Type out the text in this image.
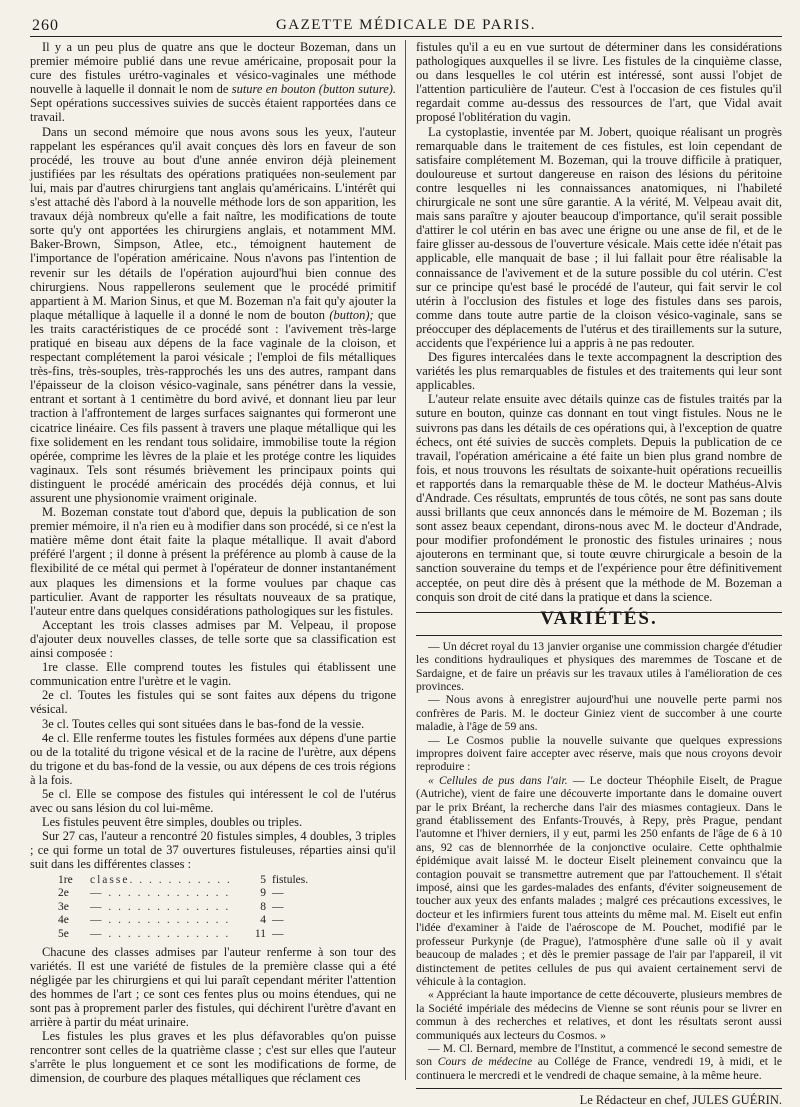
260	GAZETTE MÉDICALE DE PARIS.

Il y a un peu plus de quatre ans que le docteur Bozeman, dans un premier mémoire publié dans une revue américaine, proposait pour la cure des fistules urétro-vaginales et vésico-vaginales une méthode nouvelle à laquelle il donnait le nom de suture en bouton (button suture). Sept opérations successives suivies de succès étaient rapportées dans ce travail.

Dans un second mémoire que nous avons sous les yeux, l'auteur rappelant les espérances qu'il avait conçues dès lors en faveur de son procédé, les trouve au bout d'une année environ déjà pleinement justifiées par les résultats des opérations pratiquées non-seulement par lui, mais par d'autres chirurgiens tant anglais qu'américains. L'intérêt qui s'est attaché dès l'abord à la nouvelle méthode lors de son apparition, les travaux déjà nombreux qu'elle a fait naître, les modifications de toute sorte qu'y ont apportées les chirurgiens anglais, et notamment MM. Baker-Brown, Simpson, Atlee, etc., témoignent hautement de l'importance de l'opération américaine. Nous n'avons pas l'intention de revenir sur les détails de l'opération aujourd'hui bien connue des chirurgiens. Nous rappellerons seulement que le procédé primitif appartient à M. Marion Sinus, et que M. Bozeman n'a fait qu'y ajouter la plaque métallique à laquelle il a donné le nom de bouton (button); que les traits caractéristiques de ce procédé sont : l'avivement très-large pratiqué en biseau aux dépens de la face vaginale de la cloison, et respectant complétement la paroi vésicale ; l'emploi de fils métalliques très-fins, très-souples, très-rapprochés les uns des autres, rampant dans l'épaisseur de la cloison vésico-vaginale, sans pénétrer dans la vessie, entrant et sortant à 1 centimètre du bord avivé, et donnant lieu par leur traction à l'affrontement de larges surfaces saignantes qui formeront une cicatrice linéaire. Ces fils passent à travers une plaque métallique qui les fixe solidement en les rendant tous solidaire, immobilise toute la région opérée, comprime les lèvres de la plaie et les protége contre les liquides vaginaux. Tels sont résumés brièvement les principaux points qui distinguent le procédé américain des procédés déjà connus, et lui assurent une physionomie vraiment originale.

M. Bozeman constate tout d'abord que, depuis la publication de son premier mémoire, il n'a rien eu à modifier dans son procédé, si ce n'est la matière même dont était faite la plaque métallique. Il avait d'abord préféré l'argent ; il donne à présent la préférence au plomb à cause de la flexibilité de ce métal qui permet à l'opérateur de donner instantanément aux plaques les dimensions et la forme voulues par chaque cas particulier. Avant de rapporter les résultats nouveaux de sa pratique, l'auteur entre dans quelques considérations pathologiques sur les fistules.

Acceptant les trois classes admises par M. Velpeau, il propose d'ajouter deux nouvelles classes, de telle sorte que sa classification est ainsi composée :

1re classe. Elle comprend toutes les fistules qui établissent une communication entre l'urètre et le vagin.

2e cl. Toutes les fistules qui se sont faites aux dépens du trigone vésical.

3e cl. Toutes celles qui sont situées dans le bas-fond de la vessie.

4e cl. Elle renferme toutes les fistules formées aux dépens d'une partie ou de la totalité du trigone vésical et de la racine de l'urètre, aux dépens du trigone et du bas-fond de la vessie, ou aux dépens de ces trois régions à la fois.

5e cl. Elle se compose des fistules qui intéressent le col de l'utérus avec ou sans lésion du col lui-même.

Les fistules peuvent être simples, doubles ou triples.

Sur 27 cas, l'auteur a rencontré 20 fistules simples, 4 doubles, 3 triples ; ce qui forme un total de 37 ouvertures fistuleuses, réparties ainsi qu'il suit dans les différentes classes :

1re	classe. . . . . . . . . . .	5 fistules.
2e	— . . . . . . . . . . . . .	9 —
3e	— . . . . . . . . . . . . .	8 —
4e	— . . . . . . . . . . . . .	4 —
5e	— . . . . . . . . . . . . .	11 —

Chacune des classes admises par l'auteur renferme à son tour des variétés. Il est une variété de fistules de la première classe qui a été négligée par les chirurgiens et qui lui paraît cependant mériter l'attention des hommes de l'art ; ce sont ces fentes plus ou moins étendues, qui ne sont pas à proprement parler des fistules, qui déchirent l'urètre d'avant en arrière à partir du méat urinaire.

Les fistules les plus graves et les plus défavorables qu'on puisse rencontrer sont celles de la quatrième classe ; c'est sur elles que l'auteur s'arrête le plus longuement et ce sont les modifications de forme, de dimension, de courbure des plaques métalliques que réclament ces

fistules qu'il a eu en vue surtout de déterminer dans les considérations pathologiques auxquelles il se livre. Les fistules de la cinquième classe, ou dans lesquelles le col utérin est intéressé, sont aussi l'objet de l'attention particulière de l'auteur. C'est à l'occasion de ces fistules qu'il regardait comme au-dessus des ressources de l'art, que Vidal avait proposé l'oblitération du vagin.

La cystoplastie, inventée par M. Jobert, quoique réalisant un progrès remarquable dans le traitement de ces fistules, est loin cependant de satisfaire complétement M. Bozeman, qui la trouve difficile à pratiquer, douloureuse et surtout dangereuse en raison des lésions du péritoine contre lesquelles ni les connaissances anatomiques, ni l'habileté chirurgicale ne sont une sûre garantie. A la vérité, M. Velpeau avait dit, mais sans paraître y ajouter beaucoup d'importance, qu'il serait possible d'attirer le col utérin en bas avec une érigne ou une anse de fil, et de le faire glisser au-dessous de l'ouverture vésicale. Mais cette idée n'était pas applicable, elle manquait de base ; il lui fallait pour être réalisable la connaissance de l'avivement et de la suture possible du col utérin. C'est sur ce principe qu'est basé le procédé de l'auteur, qui fait servir le col utérin à l'occlusion des fistules et loge des fistules dans ses parois, comme dans toute autre partie de la cloison vésico-vaginale, sans se préoccuper des déplacements de l'utérus et des tiraillements sur la suture, accidents que l'expérience lui a appris à ne pas redouter.

Des figures intercalées dans le texte accompagnent la description des variétés les plus remarquables de fistules et des traitements qui leur sont applicables.

L'auteur relate ensuite avec détails quinze cas de fistules traités par la suture en bouton, quinze cas donnant en tout vingt fistules. Nous ne le suivrons pas dans les détails de ces opérations qui, à l'exception de quatre échecs, ont été suivies de succès complets. Depuis la publication de ce travail, l'opération américaine a été faite un bien plus grand nombre de fois, et nous trouvons les résultats de soixante-huit opérations recueillis et rapportés dans la remarquable thèse de M. le docteur Mathéus-Alvis d'Andrade. Ces résultats, empruntés de tous côtés, ne sont pas sans doute aussi brillants que ceux annoncés dans le mémoire de M. Bozeman ; ils sont assez beaux cependant, dirons-nous avec M. le docteur d'Andrade, pour modifier profondément le pronostic des fistules urinaires ; nous ajouterons en terminant que, si toute œuvre chirurgicale a besoin de la sanction souveraine du temps et de l'expérience pour être définitivement acceptée, on peut dire dès à présent que la méthode de M. Bozeman a conquis son droit de cité dans la pratique et dans la science.

VARIÉTÉS.

— Un décret royal du 13 janvier organise une commission chargée d'étudier les conditions hydrauliques et physiques des maremmes de Toscane et de Sardaigne, et de faire un préavis sur les travaux utiles à l'amélioration de ces provinces.

— Nous avons à enregistrer aujourd'hui une nouvelle perte parmi nos confrères de Paris. M. le docteur Giniez vient de succomber à une courte maladie, à l'âge de 59 ans.

— Le Cosmos publie la nouvelle suivante que quelques expressions impropres doivent faire accepter avec réserve, mais que nous croyons devoir reproduire :

« Cellules de pus dans l'air. — Le docteur Théophile Eiselt, de Prague (Autriche), vient de faire une découverte importante dans le domaine ouvert par le prix Bréant, la recherche dans l'air des miasmes contagieux. Dans le grand établissement des Enfants-Trouvés, à Repy, près Prague, pendant l'automne et l'hiver derniers, il y eut, parmi les 250 enfants de l'âge de 6 à 10 ans, 92 cas de blennorrhée de la conjonctive oculaire. Cette ophthalmie épidémique avait laissé M. le docteur Eiselt pleinement convaincu que la contagion pouvait se transmettre autrement que par l'attouchement. Il s'était imposé, ainsi que les gardes-malades des enfants, d'éviter soigneusement de toucher aux yeux des enfants malades ; malgré ces précautions excessives, le docteur et les infirmiers furent tous atteints du même mal. M. Eiselt eut enfin l'idée d'examiner à l'aide de l'aéroscope de M. Pouchet, modifié par le professeur Purkynje (de Prague), l'atmosphère d'une salle où il y avait beaucoup de malades ; et dès le premier passage de l'air par l'appareil, il vit distinctement de petites cellules de pus qui avaient certainement servi de véhicule à la contagion.

« Appréciant la haute importance de cette découverte, plusieurs membres de la Société impériale des médecins de Vienne se sont réunis pour se livrer en commun à des recherches et relatives, et dont les résultats seront aussi communiqués aux lecteurs du Cosmos. »

— M. Cl. Bernard, membre de l'Institut, a commencé le second semestre de son Cours de médecine au Collége de France, vendredi 19, à midi, et le continuera le mercredi et le vendredi de chaque semaine, à la même heure.

Le Rédacteur en chef, JULES GUÉRIN.
